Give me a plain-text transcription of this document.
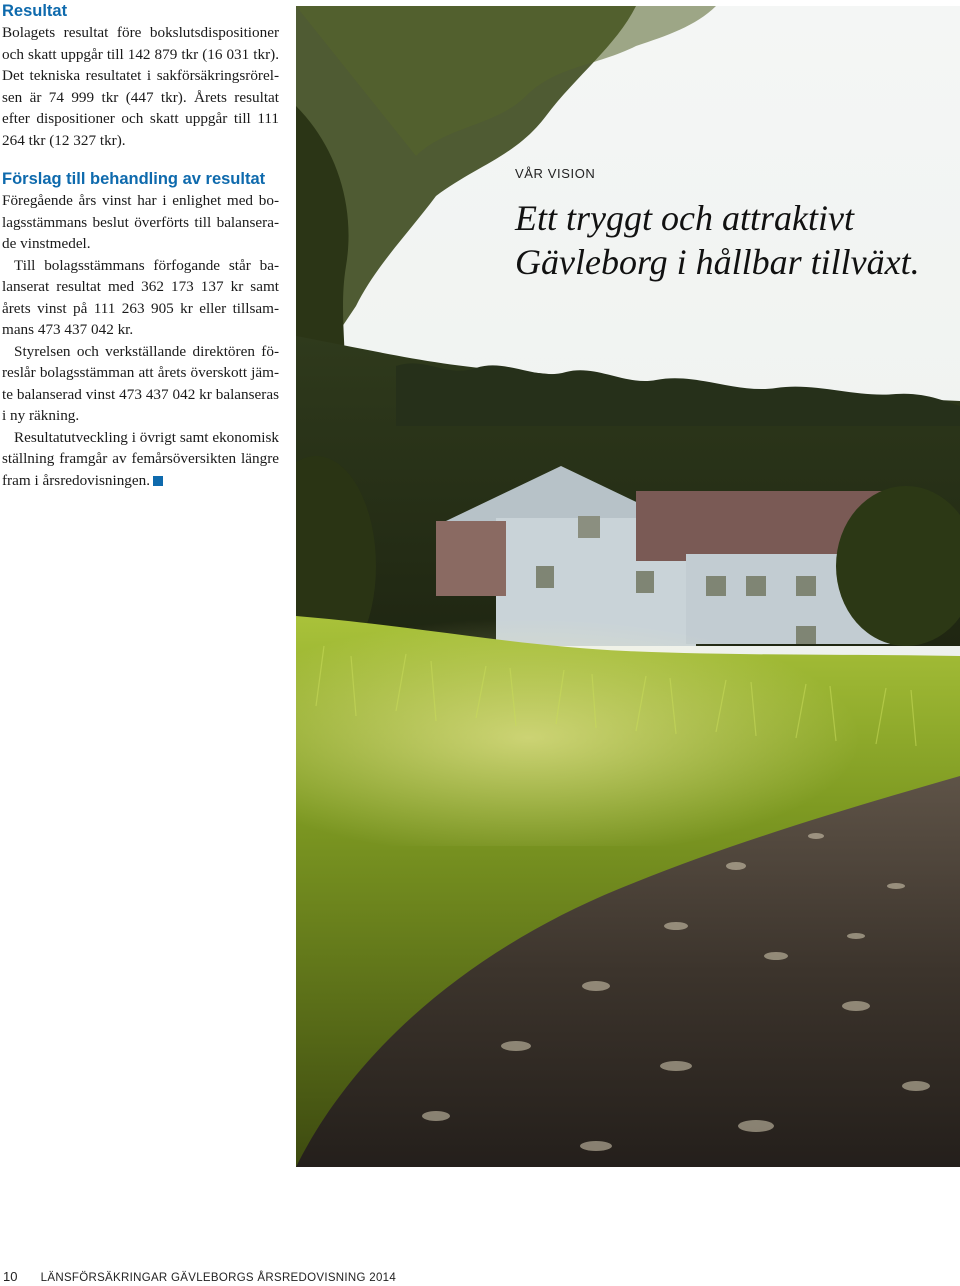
Resultat

Bolagets resultat före bokslutsdispositioner och skatt uppgår till 142 879 tkr (16 031 tkr). Det tekniska resultatet i sakförsäkringsrörelsen är 74 999 tkr (447 tkr). Årets resultat efter dispositioner och skatt uppgår till 111 264 tkr (12 327 tkr).

Förslag till behandling av resultat

Föregående års vinst har i enlighet med bolagsstämmans beslut överförts till balanserade vinstmedel.

Till bolagsstämmans förfogande står balanserat resultat med 362 173 137 kr samt årets vinst på 111 263 905 kr eller tillsammans 473 437 042 kr.

Styrelsen och verkställande direktören föreslår bolagsstämman att årets överskott jämte balanserad vinst 473 437 042 kr balanseras i ny räkning.

Resultatutveckling i övrigt samt ekonomisk ställning framgår av femårsöversikten längre fram i årsredovisningen.

VÅR VISION
Ett tryggt och attraktivt Gävleborg i hållbar tillväxt.
10 LÄNSFÖRSÄKRINGAR GÄVLEBORGS ÅRSREDOVISNING 2014
